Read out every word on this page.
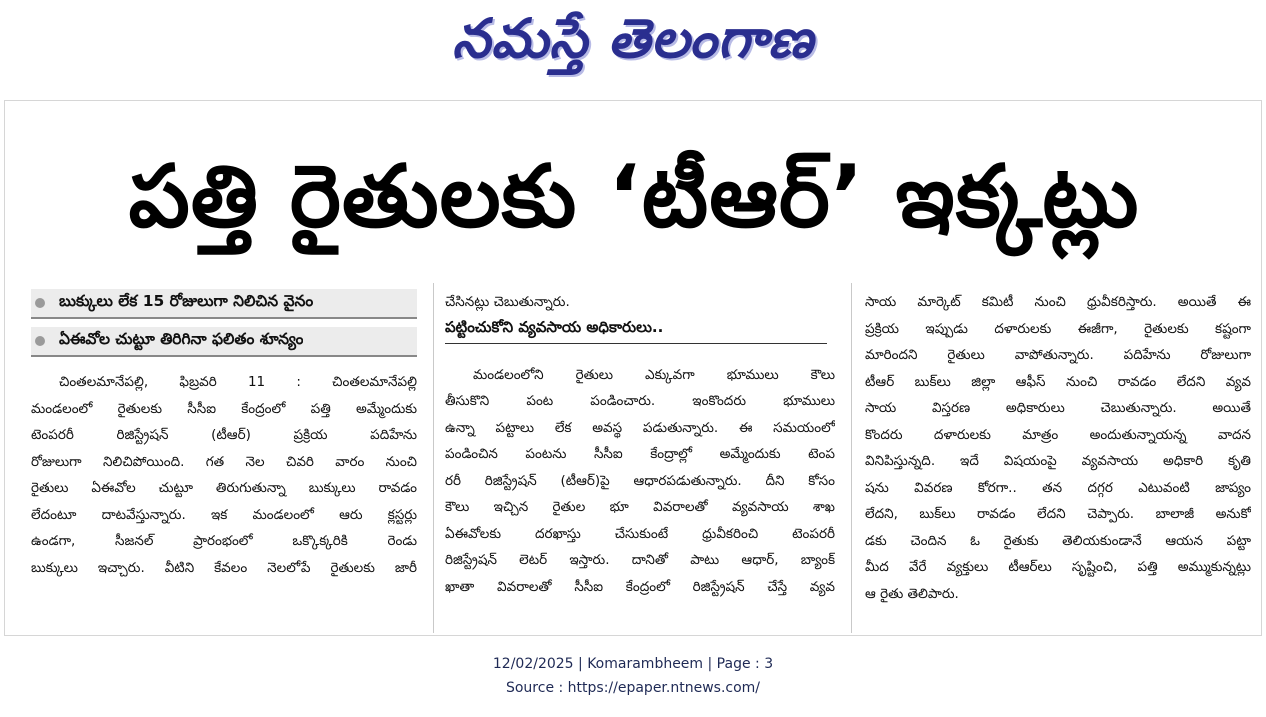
నమస్తే తెలంగాణ
పత్తి రైతులకు ‘టీఆర్’ ఇక్కట్లు
బుక్కులు లేక 15 రోజులుగా నిలిచిన వైనం
ఏఈవోల చుట్టూ తిరిగినా ఫలితం శూన్యం
చింతలమానేపల్లి, ఫిబ్రవరి 11 : చింతలమానేపల్లి
మండలంలో రైతులకు సీసీఐ కేంద్రంలో పత్తి అమ్మేందుకు
టెంపరరీ రిజిస్ట్రేషన్ (టీఆర్) ప్రక్రియ పదిహేను
రోజులుగా నిలిచిపోయింది. గత నెల చివరి వారం నుంచి
రైతులు ఏఈవోల చుట్టూ తిరుగుతున్నా బుక్కులు రావడం
లేదంటూ దాటవేస్తున్నారు. ఇక మండలంలో ఆరు క్లస్టర్లు
ఉండగా, సీజనల్ ప్రారంభంలో ఒక్కొక్కరికి రెండు
బుక్కులు ఇచ్చారు. వీటిని కేవలం నెలలోపే రైతులకు జారీ
చేసినట్లు చెబుతున్నారు.
పట్టించుకోని వ్యవసాయ అధికారులు..
మండలంలోని రైతులు ఎక్కువగా భూములు కౌలు
తీసుకొని పంట పండించారు. ఇంకొందరు భూములు
ఉన్నా పట్టాలు లేక అవస్థ పడుతున్నారు. ఈ సమయంలో
పండించిన పంటను సీసీఐ కేంద్రాల్లో అమ్మేందుకు టెంప
రరీ రిజిస్ట్రేషన్ (టీఆర్)పై ఆధారపడుతున్నారు. దీని కోసం
కౌలు ఇచ్చిన రైతుల భూ వివరాలతో వ్యవసాయ శాఖ
ఏఈవోలకు దరఖాస్తు చేసుకుంటే ధ్రువీకరించి టెంపరరీ
రిజిస్ట్రేషన్ లెటర్ ఇస్తారు. దానితో పాటు ఆధార్, బ్యాంక్
ఖాతా వివరాలతో సీసీఐ కేంద్రంలో రిజిస్ట్రేషన్ చేస్తే వ్యవ
సాయ మార్కెట్ కమిటీ నుంచి ధ్రువీకరిస్తారు. అయితే ఈ
ప్రక్రియ ఇప్పుడు దళారులకు ఈజీగా, రైతులకు కష్టంగా
మారిందని రైతులు వాపోతున్నారు. పదిహేను రోజులుగా
టీఆర్ బుక్‌లు జిల్లా ఆఫీస్ నుంచి రావడం లేదని వ్యవ
సాయ విస్తరణ అధికారులు చెబుతున్నారు. అయితే
కొందరు దళారులకు మాత్రం అందుతున్నాయన్న వాదన
వినిపిస్తున్నది. ఇదే విషయంపై వ్యవసాయ అధికారి కృతి
షను వివరణ కోరగా.. తన దగ్గర ఎటువంటి జాప్యం
లేదని, బుక్‌లు రావడం లేదని చెప్పారు. బాలాజీ అనుకో
డకు చెందిన ఓ రైతుకు తెలియకుండానే ఆయన పట్టా
మీద వేరే వ్యక్తులు టీఆర్‌లు సృష్టించి, పత్తి అమ్ముకున్నట్లు
ఆ రైతు తెలిపారు.
12/02/2025 | Komarambheem | Page : 3
Source : https://epaper.ntnews.com/
